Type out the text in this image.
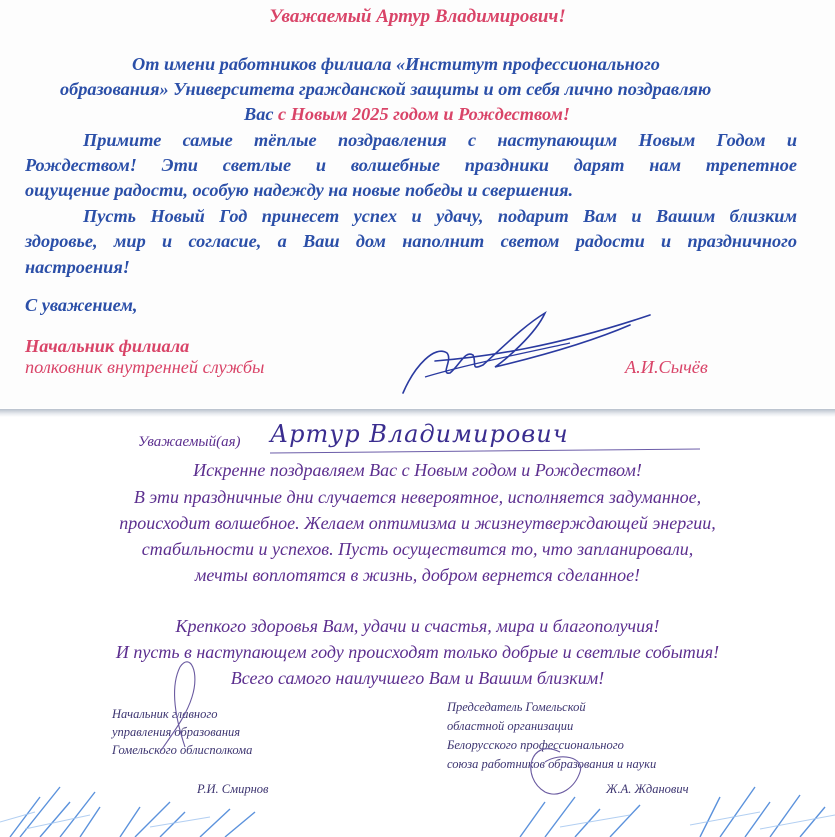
Уважаемый Артур Владимирович!
От имени работников филиала «Институт профессионального
образования» Университета гражданской защиты и от себя лично поздравляю
Вас с Новым 2025 годом и Рождеством!
Примите самые тёплые поздравления с наступающим Новым Годом и
Рождеством! Эти светлые и волшебные праздники дарят нам трепетное
ощущение радости, особую надежду на новые победы и свершения.
Пусть Новый Год принесет успех и удачу, подарит Вам и Вашим близким
здоровье, мир и согласие, а Ваш дом наполнит светом радости и праздничного
настроения!
С уважением,
Начальник филиала
полковник внутренней службы	А.И.Сычёв
Уважаемый(ая) Артур Владимирович
Искренне поздравляем Вас с Новым годом и Рождеством!
В эти праздничные дни случается невероятное, исполняется задуманное,
происходит волшебное. Желаем оптимизма и жизнеутверждающей энергии,
стабильности и успехов. Пусть осуществится то, что запланировали,
мечты воплотятся в жизнь, добром вернется сделанное!
Крепкого здоровья Вам, удачи и счастья, мира и благополучия!
И пусть в наступающем году происходят только добрые и светлые события!
Всего самого наилучшего Вам и Вашим близким!
Начальник главного
управления образования
Гомельского облисполкома
Р.И. Смирнов
Председатель Гомельской
областной организации
Белорусского профессионального
союза работников образования и науки
Ж.А. Жданович
